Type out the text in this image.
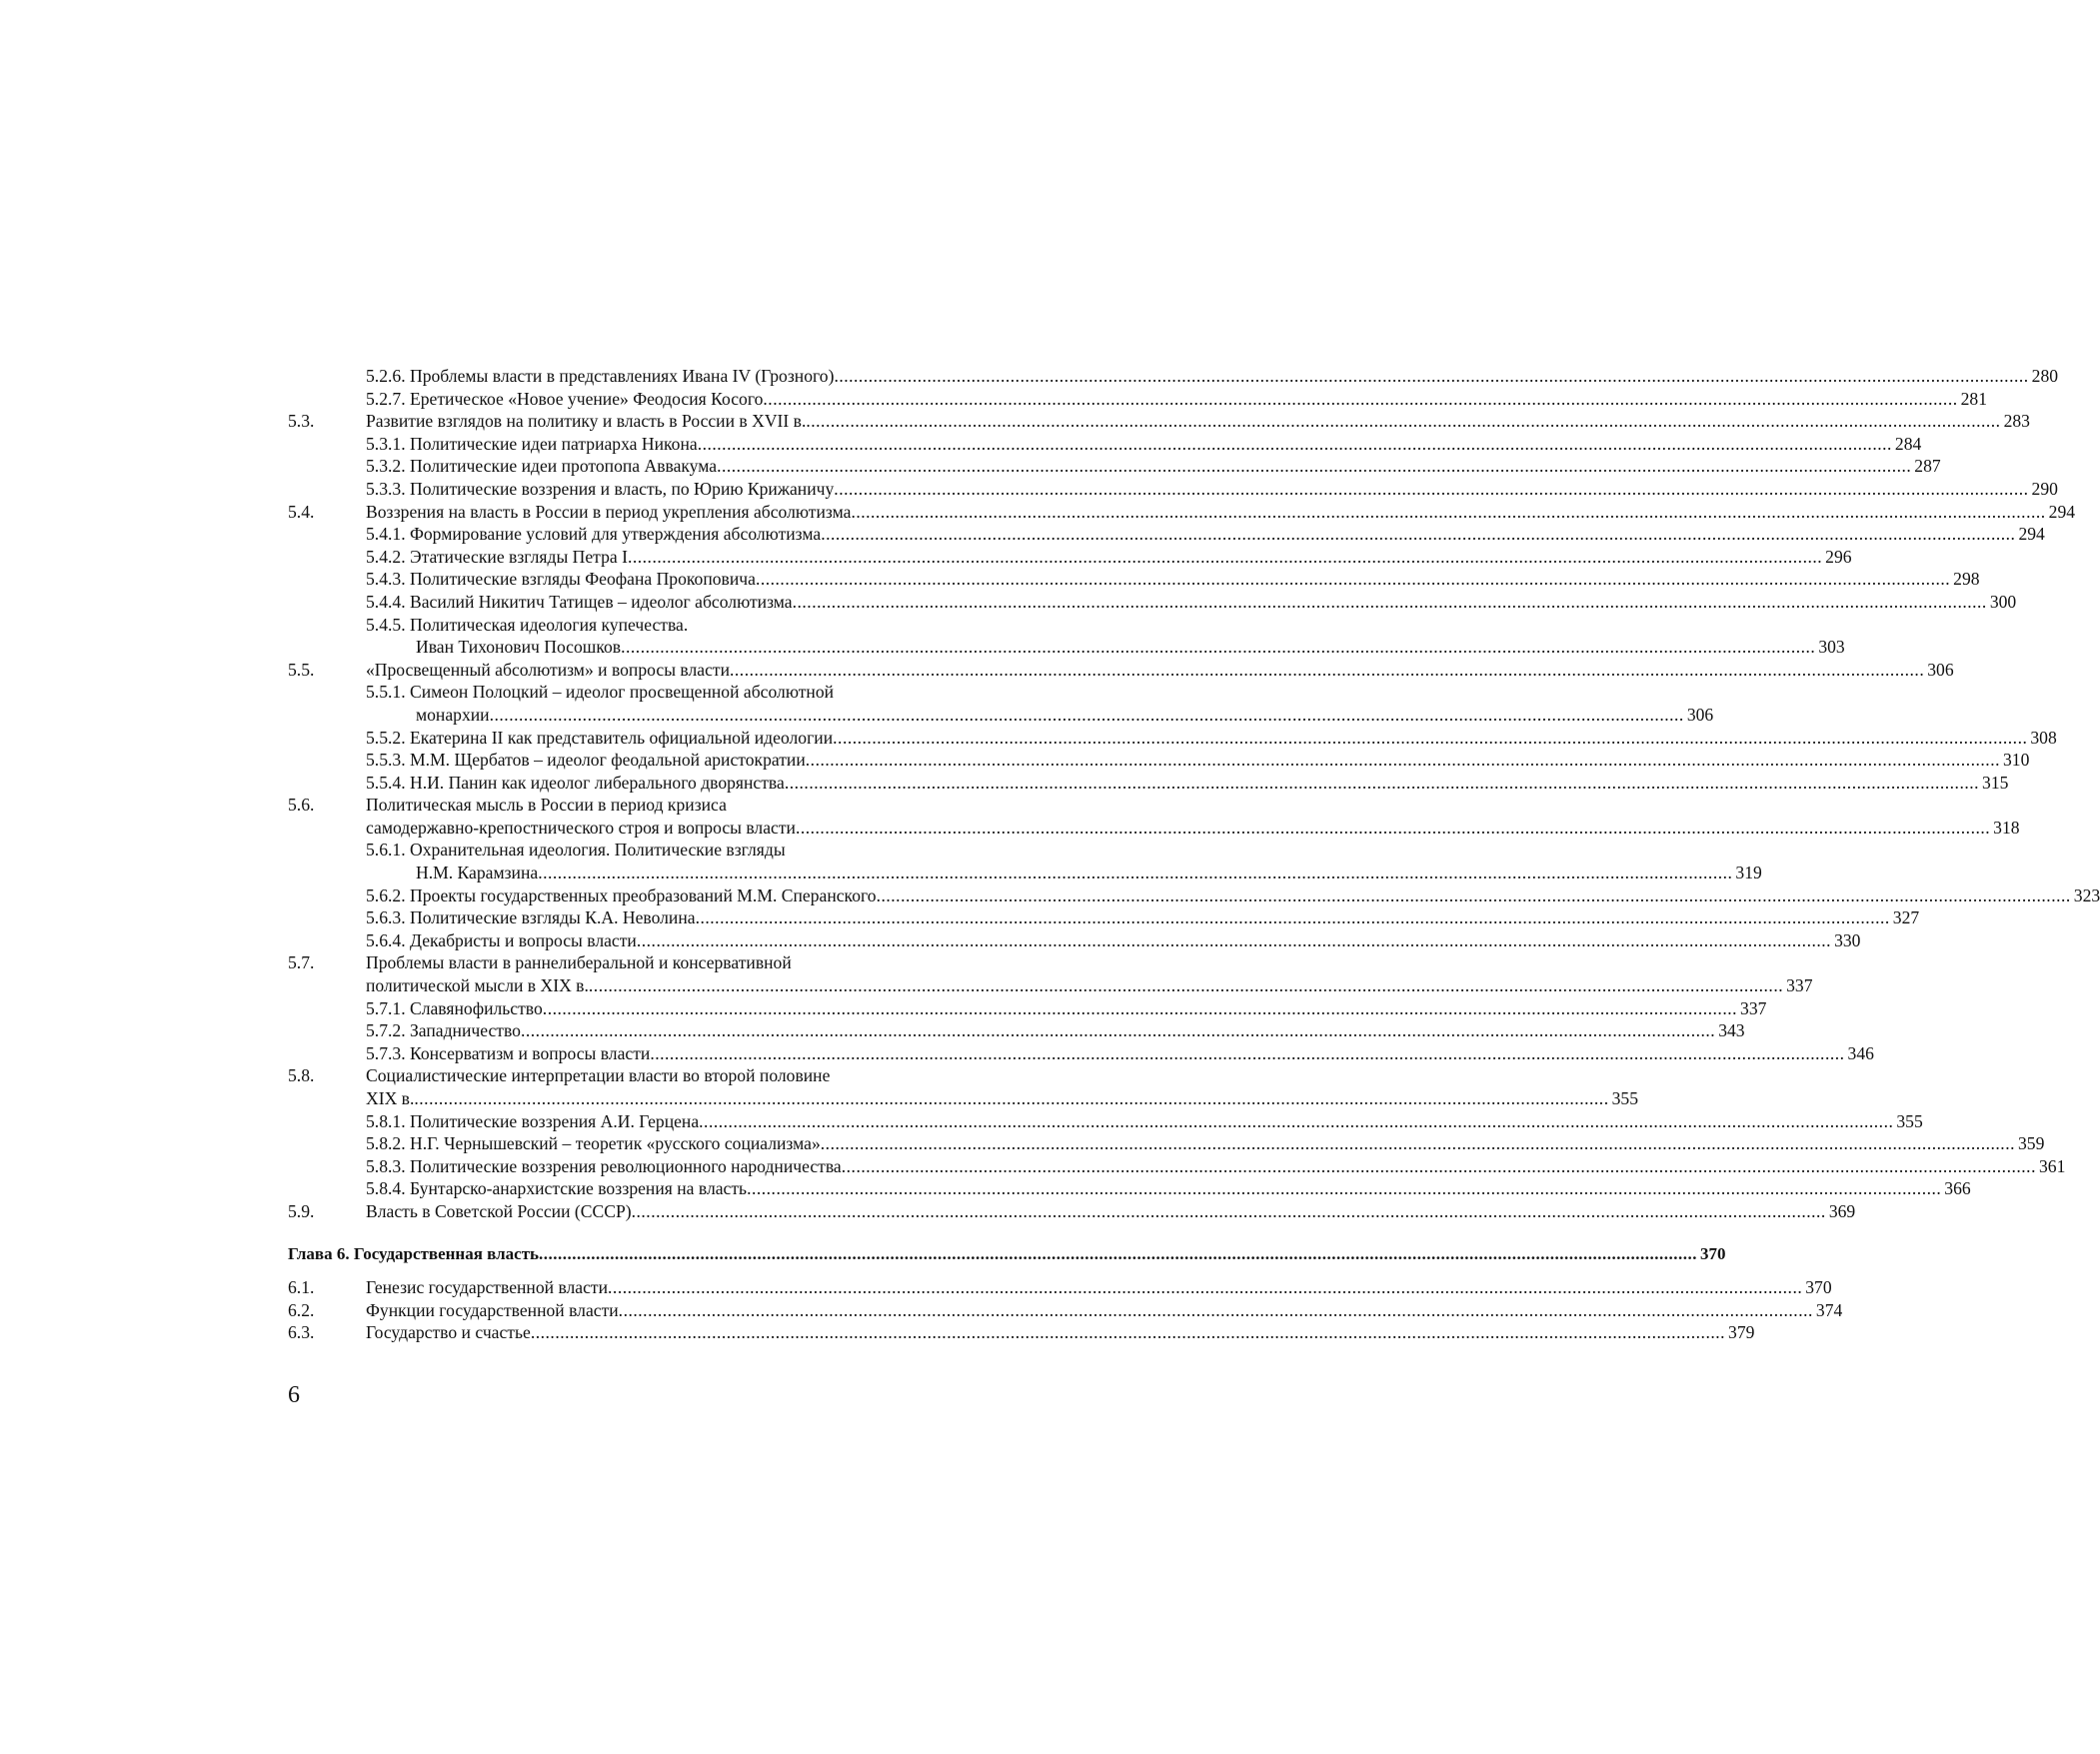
5.2.6. Проблемы власти в представлениях Ивана IV (Грозного) .....	280
5.2.7. Еретическое «Новое учение» Феодосия Косого .....	281
5.3.	Развитие взглядов на политику и власть в России в XVII в. .....	283
5.3.1. Политические идеи патриарха Никона .....	284
5.3.2. Политические идеи протопопа Аввакума .....	287
5.3.3. Политические воззрения и власть, по Юрию Крижаничу .....	290
5.4.	Воззрения на власть в России в период укрепления абсолютизма .....	294
5.4.1. Формирование условий для утверждения абсолютизма .....	294
5.4.2. Этатические взгляды Петра I .....	296
5.4.3. Политические взгляды Феофана Прокоповича .....	298
5.4.4. Василий Никитич Татищев – идеолог абсолютизма .....	300
5.4.5. Политическая идеология купечества.
Иван Тихонович Посошков .....	303
5.5.	«Просвещенный абсолютизм» и вопросы власти .....	306
5.5.1. Симеон Полоцкий – идеолог просвещенной абсолютной
монархии .....	306
5.5.2. Екатерина II как представитель официальной идеологии .....	308
5.5.3. М.М. Щербатов – идеолог феодальной аристократии .....	310
5.5.4. Н.И. Панин как идеолог либерального дворянства .....	315
5.6.	Политическая мысль в России в период кризиса
самодержавно-крепостнического строя и вопросы власти .....	318
5.6.1. Охранительная идеология. Политические взгляды
Н.М. Карамзина .....	319
5.6.2. Проекты государственных преобразований М.М. Сперанского .....	323
5.6.3. Политические взгляды К.А. Неволина .....	327
5.6.4. Декабристы и вопросы власти .....	330
5.7.	Проблемы власти в раннелиберальной и консервативной
политической мысли в XIX в. .....	337
5.7.1. Славянофильство .....	337
5.7.2. Западничество .....	343
5.7.3. Консерватизм и вопросы власти .....	346
5.8.	Социалистические интерпретации власти во второй половине
XIX в. .....	355
5.8.1. Политические воззрения А.И. Герцена .....	355
5.8.2. Н.Г. Чернышевский – теоретик «русского социализма» .....	359
5.8.3. Политические воззрения революционного народничества .....	361
5.8.4. Бунтарско-анархистские воззрения на власть .....	366
5.9.	Власть в Советской России (СССР) .....	369
Глава 6. Государственная власть .....	370
6.1.	Генезис государственной власти .....	370
6.2.	Функции государственной власти .....	374
6.3.	Государство и счастье .....	379
6
